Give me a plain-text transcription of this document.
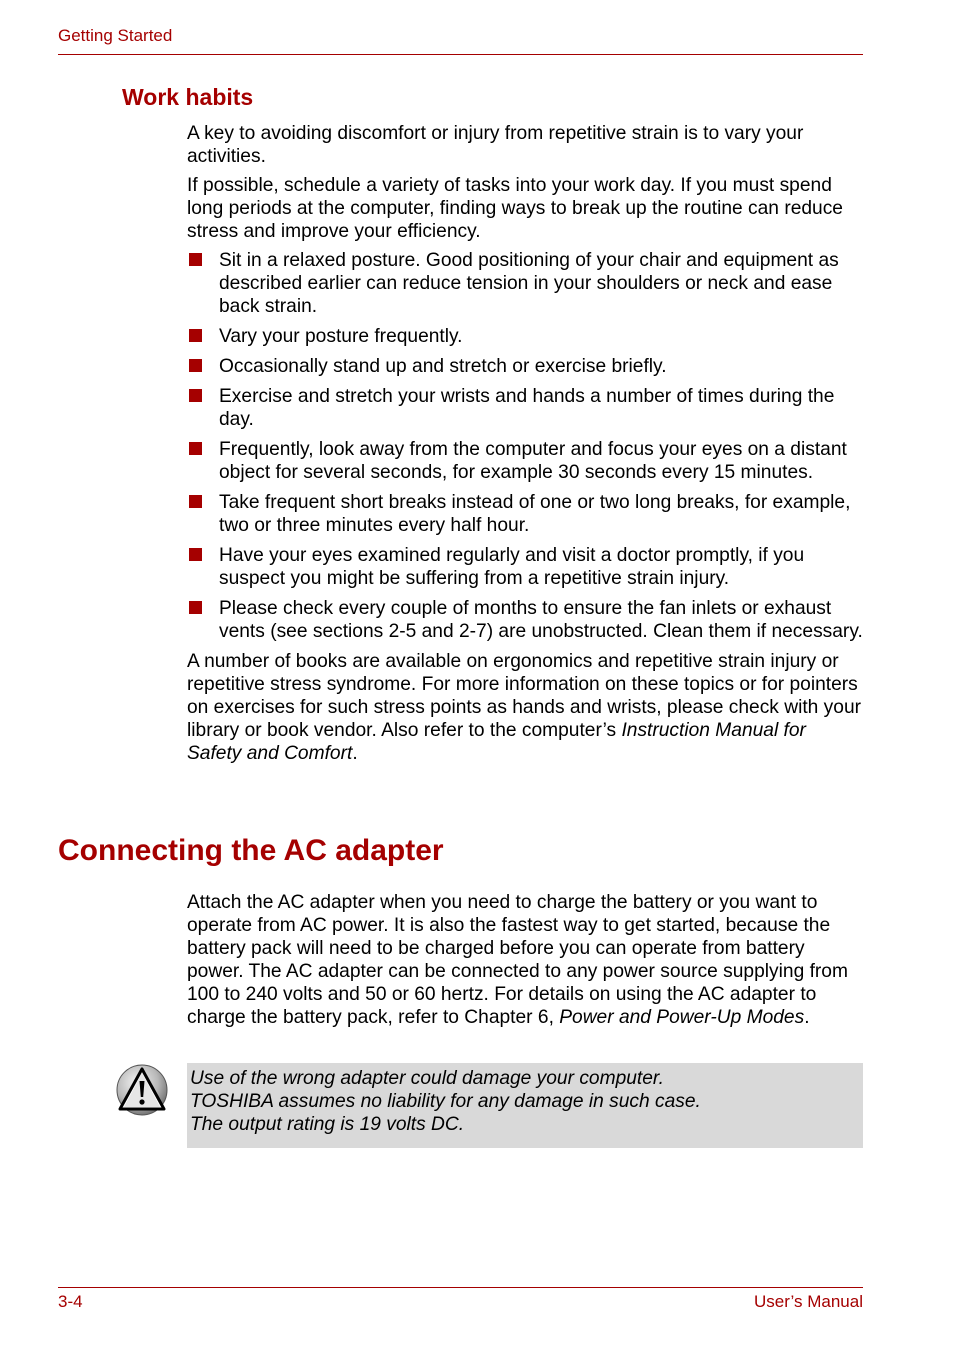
Getting Started
Work habits

A key to avoiding discomfort or injury from repetitive strain is to vary your activities.

If possible, schedule a variety of tasks into your work day. If you must spend long periods at the computer, finding ways to break up the routine can reduce stress and improve your efficiency.

Sit in a relaxed posture. Good positioning of your chair and equipment as described earlier can reduce tension in your shoulders or neck and ease back strain.
Vary your posture frequently.
Occasionally stand up and stretch or exercise briefly.
Exercise and stretch your wrists and hands a number of times during the day.
Frequently, look away from the computer and focus your eyes on a distant object for several seconds, for example 30 seconds every 15 minutes.
Take frequent short breaks instead of one or two long breaks, for example, two or three minutes every half hour.
Have your eyes examined regularly and visit a doctor promptly, if you suspect you might be suffering from a repetitive strain injury.
Please check every couple of months to ensure the fan inlets or exhaust vents (see sections 2-5 and 2-7) are unobstructed. Clean them if necessary.

A number of books are available on ergonomics and repetitive strain injury or repetitive stress syndrome. For more information on these topics or for pointers on exercises for such stress points as hands and wrists, please check with your library or book vendor. Also refer to the computer’s Instruction Manual for Safety and Comfort.

Connecting the AC adapter

Attach the AC adapter when you need to charge the battery or you want to operate from AC power. It is also the fastest way to get started, because the battery pack will need to be charged before you can operate from battery power. The AC adapter can be connected to any power source supplying from 100 to 240 volts and 50 or 60 hertz. For details on using the AC adapter to charge the battery pack, refer to Chapter 6, Power and Power-Up Modes.

Use of the wrong adapter could damage your computer.
TOSHIBA assumes no liability for any damage in such case.
The output rating is 19 volts DC.
3-4	User’s Manual
